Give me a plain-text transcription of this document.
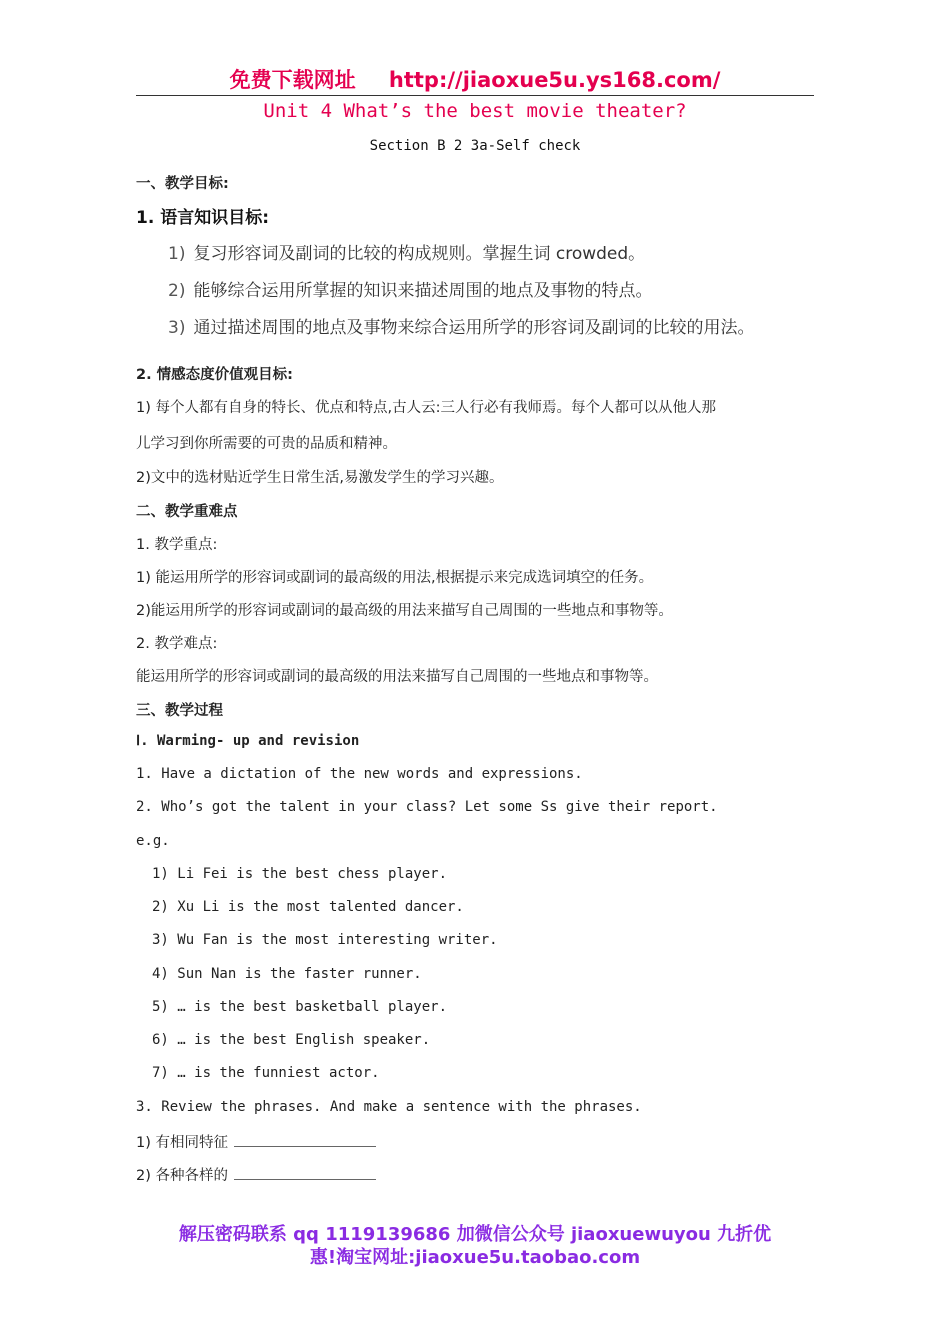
免费下载网址 http://jiaoxue5u.ys168.com/
Unit 4 What’s the best movie theater?
Section B 2 3a-Self check
一、教学目标:
1. 语言知识目标:
1) 复习形容词及副词的比较的构成规则。掌握生词 crowded。
2) 能够综合运用所掌握的知识来描述周围的地点及事物的特点。
3) 通过描述周围的地点及事物来综合运用所学的形容词及副词的比较的用法。
2. 情感态度价值观目标:
1) 每个人都有自身的特长、优点和特点,古人云:三人行必有我师焉。每个人都可以从他人那
儿学习到你所需要的可贵的品质和精神。
2)文中的选材贴近学生日常生活,易激发学生的学习兴趣。
二、教学重难点
1. 教学重点:
1) 能运用所学的形容词或副词的最高级的用法,根据提示来完成选词填空的任务。
2)能运用所学的形容词或副词的最高级的用法来描写自己周围的一些地点和事物等。
2. 教学难点:
能运用所学的形容词或副词的最高级的用法来描写自己周围的一些地点和事物等。
三、教学过程
Ⅰ. Warming- up and revision
1. Have a dictation of the new words and expressions.
2. Who’s got the talent in your class? Let some Ss give their report.
e.g.
1) Li Fei is the best chess player.
2) Xu Li is the most talented dancer.
3) Wu Fan is the most interesting writer.
4) Sun Nan is the faster runner.
5) … is the best basketball player.
6) … is the best English speaker.
7) … is the funniest actor.
3. Review the phrases. And make a sentence with the phrases.
1) 有相同特征
2) 各种各样的
解压密码联系 qq 1119139686 加微信公众号 jiaoxuewuyou 九折优
惠!淘宝网址:jiaoxue5u.taobao.com
